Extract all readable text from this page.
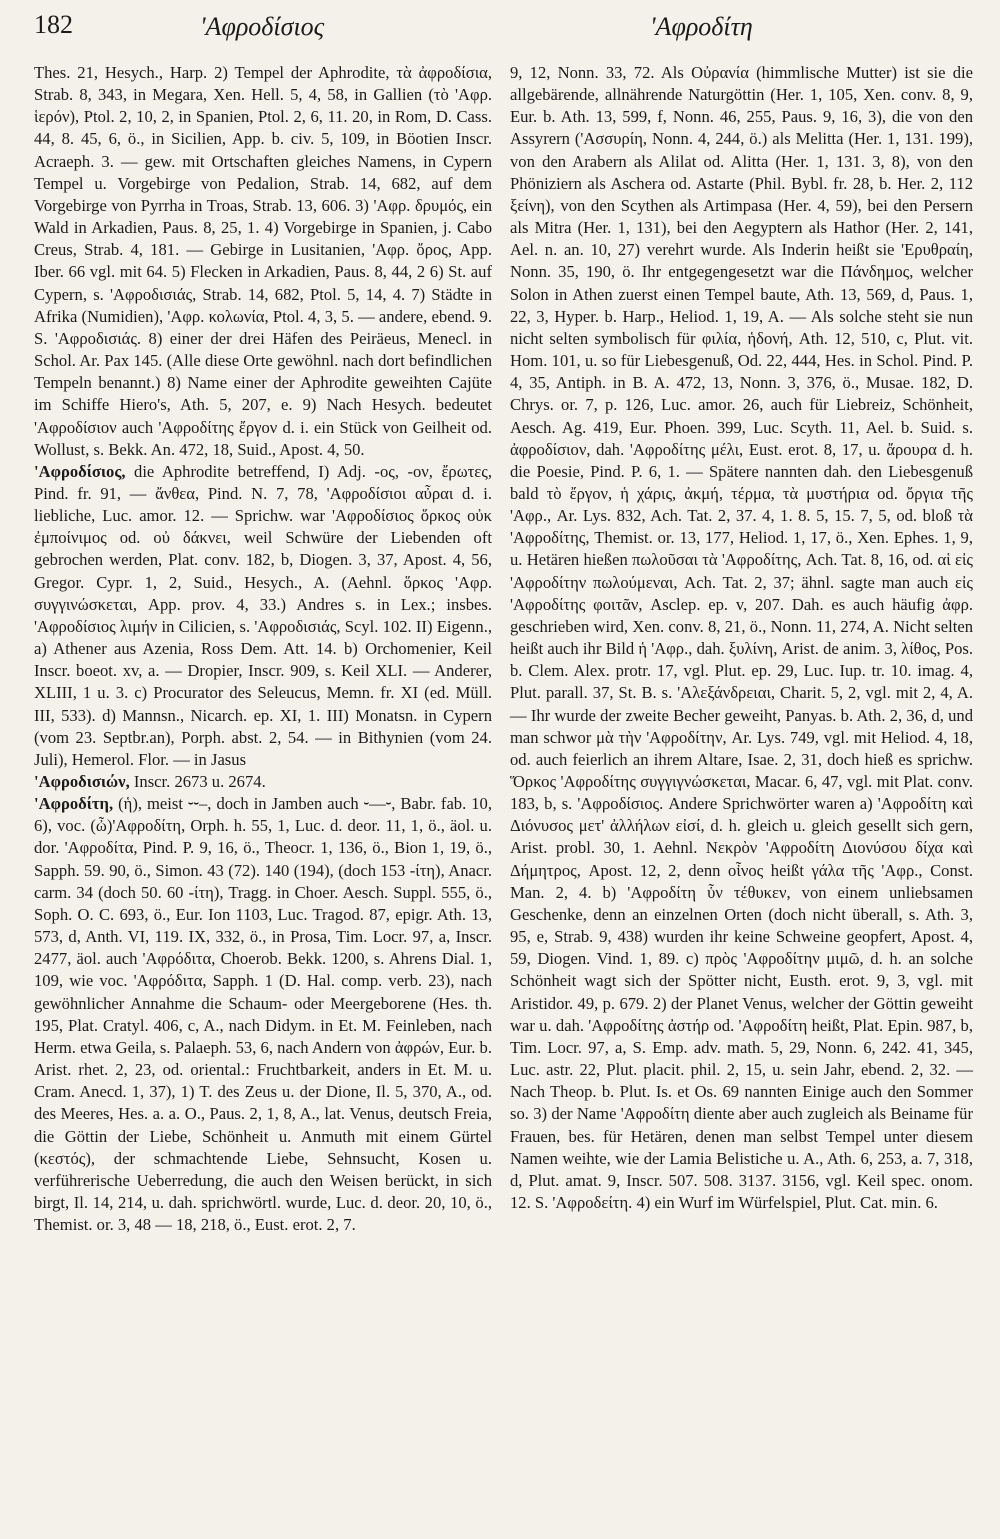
182	'Αφροδίσιος	'Αφροδίτη

Thes. 21, Hesych., Harp. 2) Tempel der Aphrodite, τὰ ἀφροδίσια, Strab. 8, 343, in Megara, Xen. Hell. 5, 4, 58, in Gallien (τὸ 'Αφρ. ἱερόν), Ptol. 2, 10, 2, in Spanien, Ptol. 2, 6, 11. 20, in Rom, D. Cass. 44, 8. 45, 6, ö., in Sicilien, App. b. civ. 5, 109, in Böotien Inscr. Acraeph. 3. — gew. mit Ortschaften gleiches Namens, in Cypern Tempel u. Vorgebirge von Pedalion, Strab. 14, 682, auf dem Vorgebirge von Pyrrha in Troas, Strab. 13, 606. 3) 'Αφρ. δρυμός, ein Wald in Arkadien, Paus. 8, 25, 1. 4) Vorgebirge in Spanien, j. Cabo Creus, Strab. 4, 181. — Gebirge in Lusitanien, 'Αφρ. ὄρος, App. Iber. 66 vgl. mit 64. 5) Flecken in Arkadien, Paus. 8, 44, 2 6) St. auf Cypern, s. 'Αφροδισιάς, Strab. 14, 682, Ptol. 5, 14, 4. 7) Städte in Afrika (Numidien), 'Αφρ. κολωνία, Ptol. 4, 3, 5. — andere, ebend. 9. S. 'Αφροδισιάς. 8) einer der drei Häfen des Peiräeus, Menecl. in Schol. Ar. Pax 145. (Alle diese Orte gewöhnl. nach dort befindlichen Tempeln benannt.) 8) Name einer der Aphrodite geweihten Cajüte im Schiffe Hiero's, Ath. 5, 207, e. 9) Nach Hesych. bedeutet 'Αφροδίσιον auch 'Αφροδίτης ἔργον d. i. ein Stück von Geilheit od. Wollust, s. Bekk. An. 472, 18, Suid., Apost. 4, 50.

'Αφροδίσιος, die Aphrodite betreffend, I) Adj. -ος, -ον, ἔρωτες, Pind. fr. 91, — ἄνθεα, Pind. N. 7, 78, 'Αφροδίσιοι αὖραι d. i. liebliche, Luc. amor. 12. — Sprichw. war 'Αφροδίσιος ὅρκος οὐκ ἐμποίνιμος od. οὐ δάκνει, weil Schwüre der Liebenden oft gebrochen werden, Plat. conv. 182, b, Diogen. 3, 37, Apost. 4, 56, Gregor. Cypr. 1, 2, Suid., Hesych., A. (Aehnl. ὅρκος 'Αφρ. συγγινώσκεται, App. prov. 4, 33.) Andres s. in Lex.; insbes. 'Αφροδίσιος λιμήν in Cilicien, s. 'Αφροδισιάς, Scyl. 102. II) Eigenn., a) Athener aus Azenia, Ross Dem. Att. 14. b) Orchomenier, Keil Inscr. boeot. xv, a. — Dropier, Inscr. 909, s. Keil XLI. — Anderer, XLIII, 1 u. 3. c) Procurator des Seleucus, Memn. fr. XI (ed. Müll. III, 533). d) Mannsn., Nicarch. ep. XI, 1. III) Monatsn. in Cypern (vom 23. Septbr.an), Porph. abst. 2, 54. — in Bithynien (vom 24. Juli), Hemerol. Flor. — in Jasus

'Αφροδισιών, Inscr. 2673 u. 2674.

'Αφροδίτη, (ἡ), meist ⏑⏑–, doch in Jamben auch ⏑––⏑, Babr. fab. 10, 6), voc. (ὦ)'Αφροδίτη, Orph. h. 55, 1, Luc. d. deor. 11, 1, ö., äol. u. dor. 'Αφροδίτα, Pind. P. 9, 16, ö., Theocr. 1, 136, ö., Bion 1, 19, ö., Sapph. 59. 90, ö., Simon. 43 (72). 140 (194), (doch 153 -ίτη), Anacr. carm. 34 (doch 50. 60 -ίτη), Tragg. in Choer. Aesch. Suppl. 555, ö., Soph. O. C. 693, ö., Eur. Ion 1103, Luc. Tragod. 87, epigr. Ath. 13, 573, d, Anth. VI, 119. IX, 332, ö., in Prosa, Tim. Locr. 97, a, Inscr. 2477, äol. auch 'Αφρόδιτα, Choerob. Bekk. 1200, s. Ahrens Dial. 1, 109, wie voc. 'Αφρόδιτα, Sapph. 1 (D. Hal. comp. verb. 23), nach gewöhnlicher Annahme die Schaum- oder Meergeborene (Hes. th. 195, Plat. Cratyl. 406, c, A., nach Didym. in Et. M. Feinleben, nach Herm. etwa Geila, s. Palaeph. 53, 6, nach Andern von ἀφρών, Eur. b. Arist. rhet. 2, 23, od. oriental.: Fruchtbarkeit, anders in Et. M. u. Cram. Anecd. 1, 37), 1) T. des Zeus u. der Dione, Il. 5, 370, A., od. des Meeres, Hes. a. a. O., Paus. 2, 1, 8, A., lat. Venus, deutsch Freia, die Göttin der Liebe, Schönheit u. Anmuth mit einem Gürtel (κεστός), der schmachtende Liebe, Sehnsucht, Kosen u. verführerische Ueberredung, die auch den Weisen berückt, in sich birgt, Il. 14, 214, u. dah. sprichwörtl. wurde, Luc. d. deor. 20, 10, ö., Themist. or. 3, 48 — 18, 218, ö., Eust. erot. 2, 7.

9, 12, Nonn. 33, 72. Als Οὐρανία (himmlische Mutter) ist sie die allgebärende, allnährende Naturgöttin (Her. 1, 105, Xen. conv. 8, 9, Eur. b. Ath. 13, 599, f, Nonn. 46, 255, Paus. 9, 16, 3), die von den Assyrern ('Ασσυρίη, Nonn. 4, 244, ö.) als Melitta (Her. 1, 131. 199), von den Arabern als Alilat od. Alitta (Her. 1, 131. 3, 8), von den Phöniziern als Aschera od. Astarte (Phil. Bybl. fr. 28, b. Her. 2, 112 ξείνη), von den Scythen als Artimpasa (Her. 4, 59), bei den Persern als Mitra (Her. 1, 131), bei den Aegyptern als Hathor (Her. 2, 141, Ael. n. an. 10, 27) verehrt wurde. Als Inderin heißt sie 'Ερυθραίη, Nonn. 35, 190, ö. Ihr entgegengesetzt war die Πάνδημος, welcher Solon in Athen zuerst einen Tempel baute, Ath. 13, 569, d, Paus. 1, 22, 3, Hyper. b. Harp., Heliod. 1, 19, A. — Als solche steht sie nun nicht selten symbolisch für φιλία, ἡδονή, Ath. 12, 510, c, Plut. vit. Hom. 101, u. so für Liebesgenuß, Od. 22, 444, Hes. in Schol. Pind. P. 4, 35, Antiph. in B. A. 472, 13, Nonn. 3, 376, ö., Musae. 182, D. Chrys. or. 7, p. 126, Luc. amor. 26, auch für Liebreiz, Schönheit, Aesch. Ag. 419, Eur. Phoen. 399, Luc. Scyth. 11, Ael. b. Suid. s. ἀφροδίσιον, dah. 'Αφροδίτης μέλι, Eust. erot. 8, 17, u. ἄρουρα d. h. die Poesie, Pind. P. 6, 1. — Spätere nannten dah. den Liebesgenuß bald τὸ ἔργον, ἡ χάρις, ἀκμή, τέρμα, τὰ μυστήρια od. ὄργια τῆς 'Αφρ., Ar. Lys. 832, Ach. Tat. 2, 37. 4, 1. 8. 5, 15. 7, 5, od. bloß τὰ 'Αφροδίτης, Themist. or. 13, 177, Heliod. 1, 17, ö., Xen. Ephes. 1, 9, u. Hetären hießen πωλοῦσαι τὰ 'Αφροδίτης, Ach. Tat. 8, 16, od. αἱ εἰς 'Αφροδίτην πωλούμεναι, Ach. Tat. 2, 37; ähnl. sagte man auch εἰς 'Αφροδίτης φοιτᾶν, Asclep. ep. v, 207. Dah. es auch häufig ἀφρ. geschrieben wird, Xen. conv. 8, 21, ö., Nonn. 11, 274, A. Nicht selten heißt auch ihr Bild ἡ 'Αφρ., dah. ξυλίνη, Arist. de anim. 3, λίθος, Pos. b. Clem. Alex. protr. 17, vgl. Plut. ep. 29, Luc. Iup. tr. 10. imag. 4, Plut. parall. 37, St. B. s. 'Αλεξάνδρειαι, Charit. 5, 2, vgl. mit 2, 4, A. — Ihr wurde der zweite Becher geweiht, Panyas. b. Ath. 2, 36, d, und man schwor μὰ τὴν 'Αφροδίτην, Ar. Lys. 749, vgl. mit Heliod. 4, 18, od. auch feierlich an ihrem Altare, Isae. 2, 31, doch hieß es sprichw. Ὅρκος 'Αφροδίτης συγγιγνώσκεται, Macar. 6, 47, vgl. mit Plat. conv. 183, b, s. 'Αφροδίσιος. Andere Sprichwörter waren a) 'Αφροδίτη καὶ Διόνυσος μετ' ἀλλήλων εἰσί, d. h. gleich u. gleich gesellt sich gern, Arist. probl. 30, 1. Aehnl. Νεκρὸν 'Αφροδίτη Διονύσου δίχα καὶ Δήμητρος, Apost. 12, 2, denn οἶνος heißt γάλα τῆς 'Αφρ., Const. Man. 2, 4. b) 'Αφροδίτη ὗν τέθυκεν, von einem unliebsamen Geschenke, denn an einzelnen Orten (doch nicht überall, s. Ath. 3, 95, e, Strab. 9, 438) wurden ihr keine Schweine geopfert, Apost. 4, 59, Diogen. Vind. 1, 89. c) πρὸς 'Αφροδίτην μιμῶ, d. h. an solche Schönheit wagt sich der Spötter nicht, Eusth. erot. 9, 3, vgl. mit Aristidor. 49, p. 679. 2) der Planet Venus, welcher der Göttin geweiht war u. dah. 'Αφροδίτης ἀστήρ od. 'Αφροδίτη heißt, Plat. Epin. 987, b, Tim. Locr. 97, a, S. Emp. adv. math. 5, 29, Nonn. 6, 242. 41, 345, Luc. astr. 22, Plut. placit. phil. 2, 15, u. sein Jahr, ebend. 2, 32. — Nach Theop. b. Plut. Is. et Os. 69 nannten Einige auch den Sommer so. 3) der Name 'Αφροδίτη diente aber auch zugleich als Beiname für Frauen, bes. für Hetären, denen man selbst Tempel unter diesem Namen weihte, wie der Lamia Belistiche u. A., Ath. 6, 253, a. 7, 318, d, Plut. amat. 9, Inscr. 507. 508. 3137. 3156, vgl. Keil spec. onom. 12. S. 'Αφροδείτη. 4) ein Wurf im Würfelspiel, Plut. Cat. min. 6.
